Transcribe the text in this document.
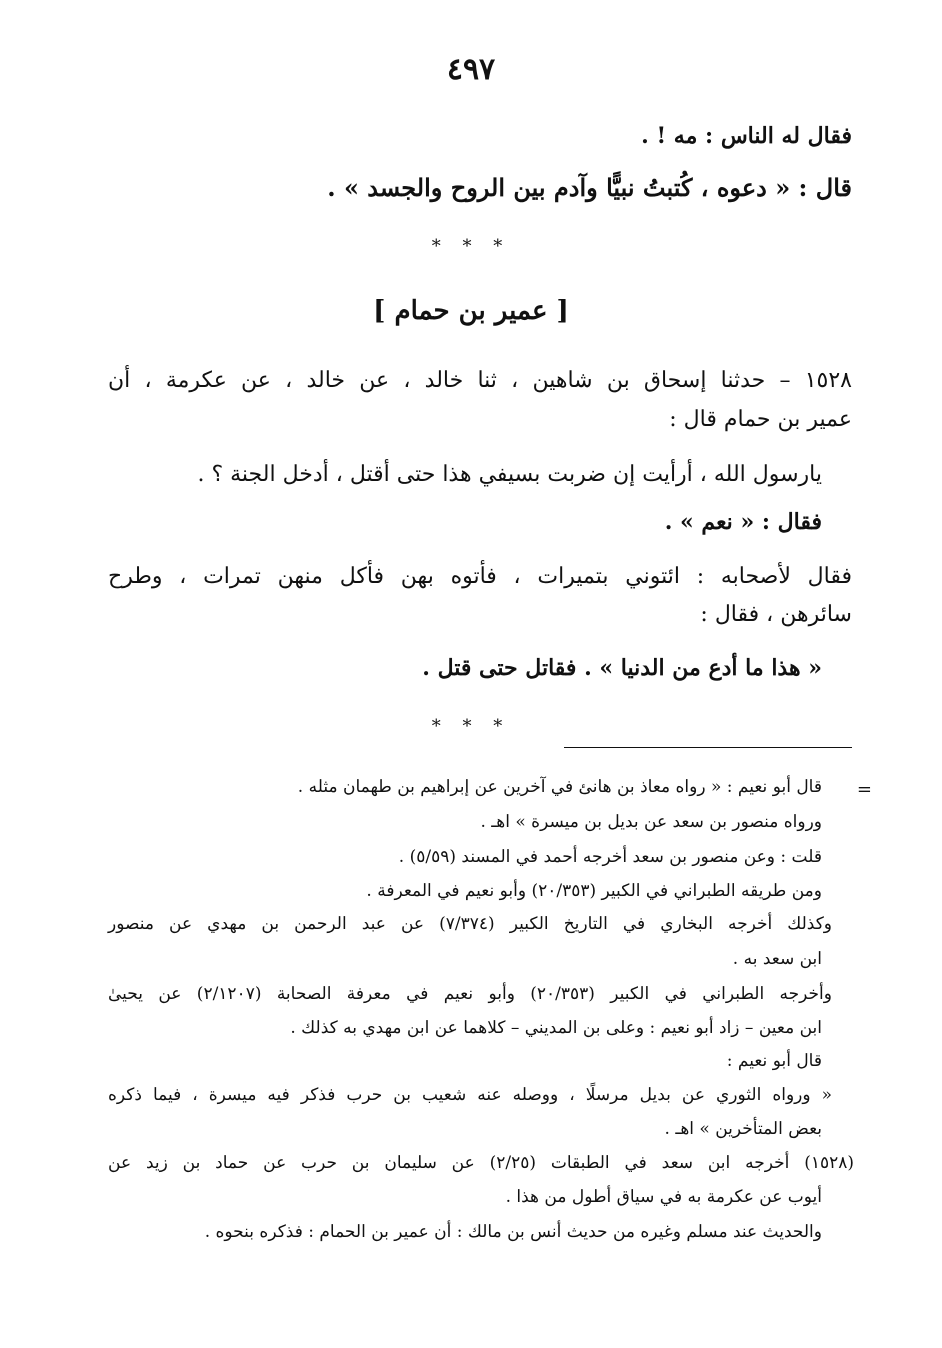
٤٩٧
فقال له الناس : مه ! .
قال : « دعوه ، كُتبتُ نبيًّا وآدم بين الروح والجسد » .
* * *
[ عمير بن حمام ]
١٥٢٨ – حدثنا إسحاق بن شاهين ، ثنا خالد ، عن خالد ، عن عكرمة ، أن
عمير بن حمام قال :
يارسول الله ، أرأيت إن ضربت بسيفي هذا حتى أقتل ، أدخل الجنة ؟ .
فقال : « نعم » .
فقال لأصحابه : ائتوني بتميرات ، فأتوه بهن فأكل منهن تمرات ، وطرح
سائرهن ، فقال :
« هذا ما أدع من الدنيا » . فقاتل حتى قتل .
* * *
=
قال أبو نعيم : « رواه معاذ بن هانئ في آخرين عن إبراهيم بن طهمان مثله .
ورواه منصور بن سعد عن بديل بن ميسرة » اهـ .
قلت : وعن منصور بن سعد أخرجه أحمد في المسند (٥/٥٩) .
ومن طريقه الطبراني في الكبير (٢٠/٣٥٣) وأبو نعيم في المعرفة .
وكذلك أخرجه البخاري في التاريخ الكبير (٧/٣٧٤) عن عبد الرحمن بن مهدي عن منصور
ابن سعد به .
وأخرجه الطبراني في الكبير (٢٠/٣٥٣) وأبو نعيم في معرفة الصحابة (٢/١٢٠٧) عن يحيىٰ
ابن معين – زاد أبو نعيم : وعلى بن المديني – كلاهما عن ابن مهدي به كذلك .
قال أبو نعيم :
« ورواه الثوري عن بديل مرسلًا ، ووصله عنه شعيب بن حرب فذكر فيه ميسرة ، فيما ذكره
بعض المتأخرين » اهـ .
(١٥٢٨) أخرجه ابن سعد في الطبقات (٢/٢٥) عن سليمان بن حرب عن حماد بن زيد عن
أيوب عن عكرمة به في سياق أطول من هذا .
والحديث عند مسلم وغيره من حديث أنس بن مالك : أن عمير بن الحمام : فذكره بنحوه .
